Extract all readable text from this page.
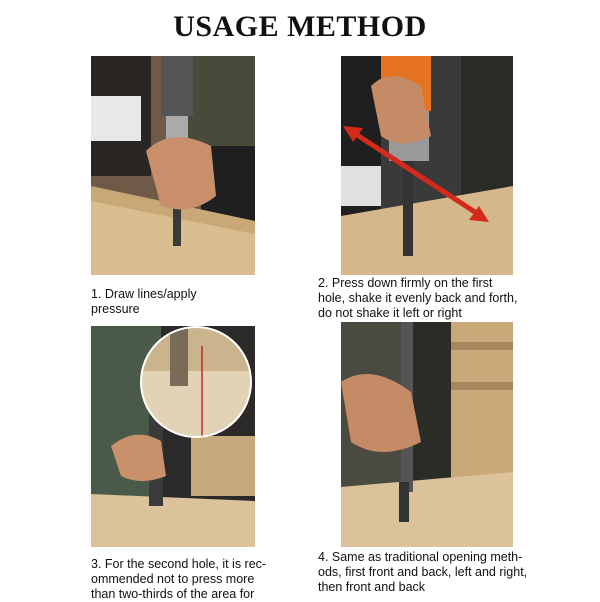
USAGE METHOD
1. Draw lines/apply
pressure
2. Press down firmly on the first
hole, shake it evenly back and forth,
do not shake it left or right
3. For the second hole, it is rec-
ommended not to press more
than two-thirds of the area for
4. Same as traditional opening meth-
ods, first front and back, left and right,
then front and back
